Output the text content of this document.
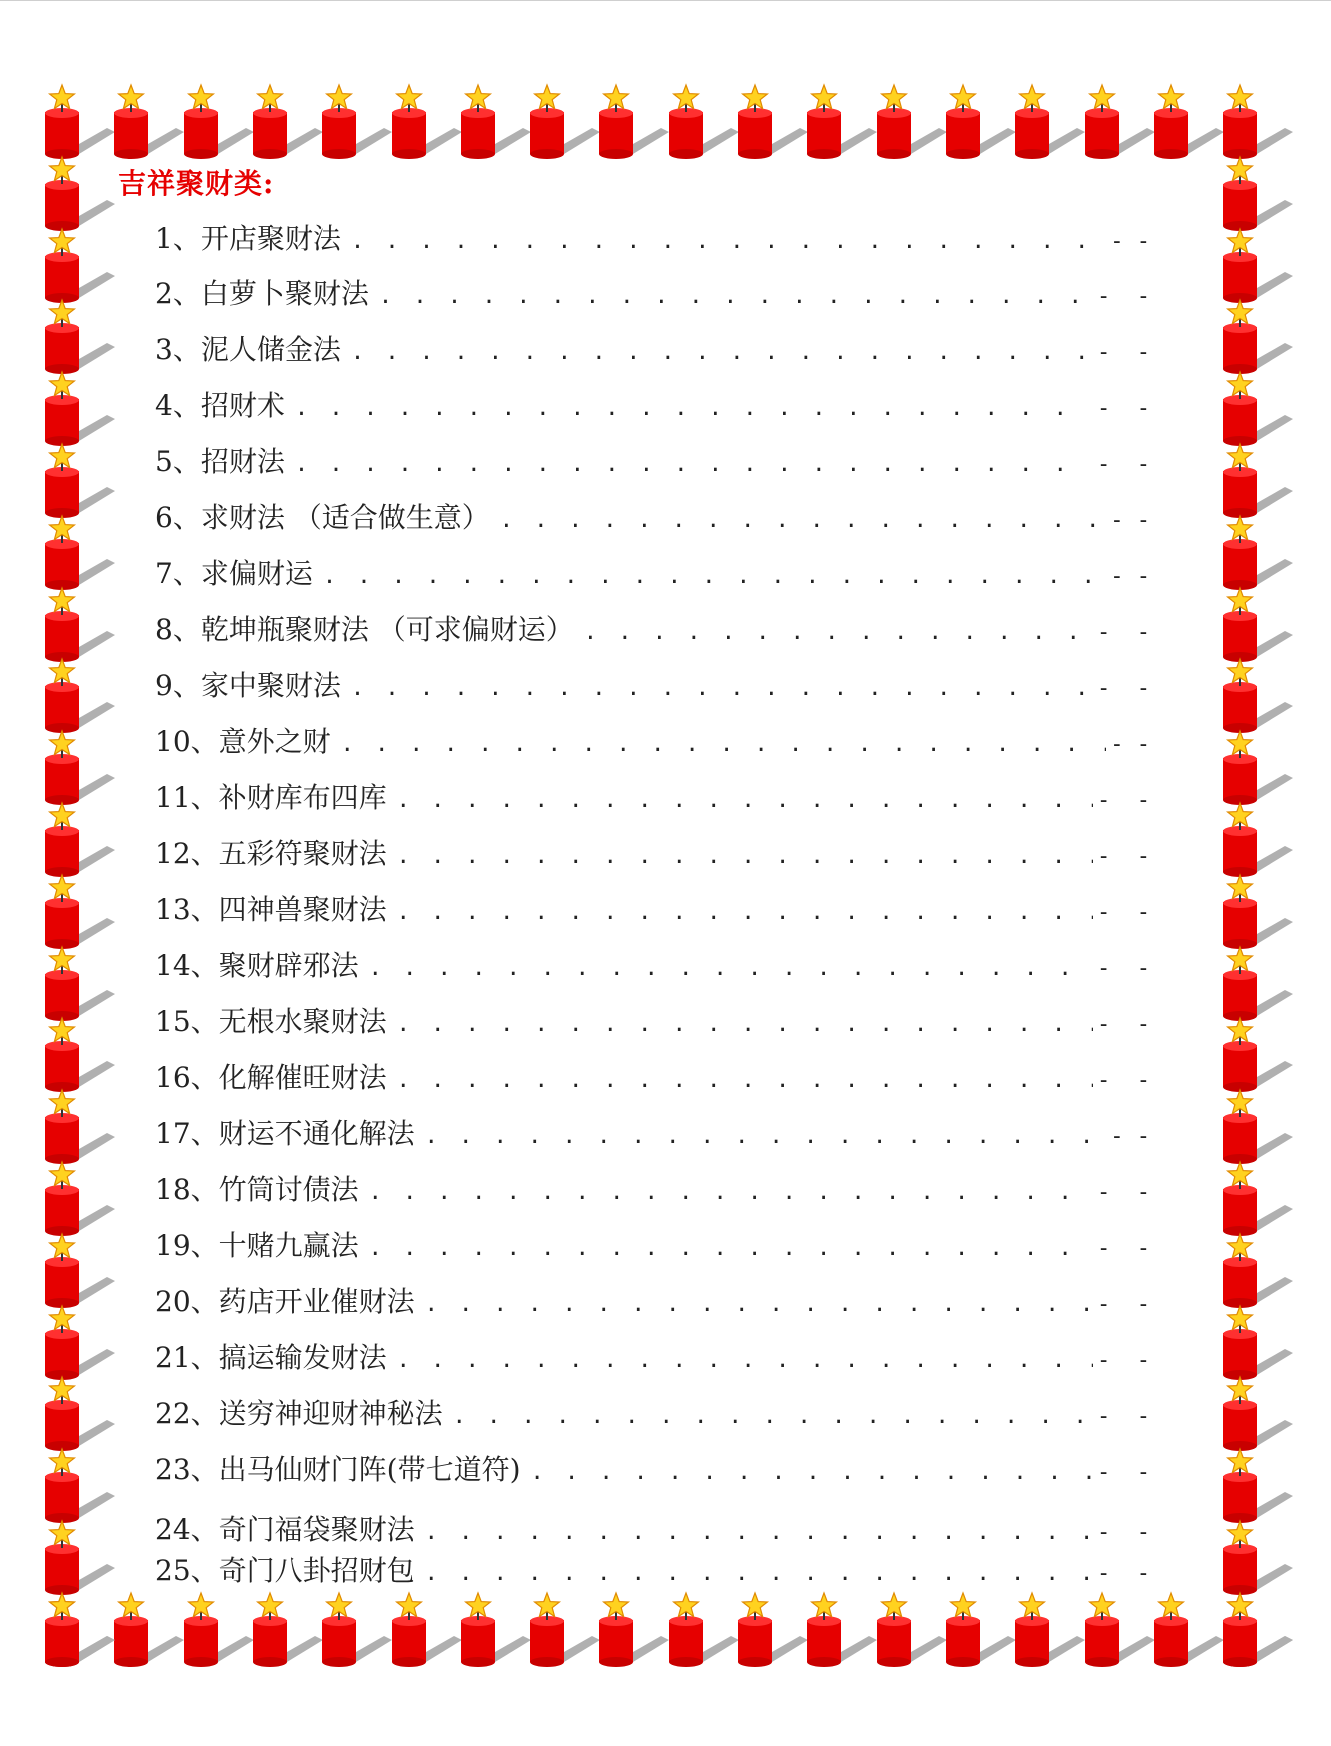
吉祥聚财类:
1、 开店聚财法 . . .	- -
2、 白萝卜聚财法 . . .	-  -
3、 泥人储金法 . . .	-  -
4、 招财术 . . .	-  -
5、 招财法 . . .	-  -
6、 求财法 （适合做生意） . . .	- -
7、 求偏财运 . . .	- -
8、 乾坤瓶聚财法 （可求偏财运） . . .	-  -
9、 家中聚财法 . . .	-  -
10、 意外之财 . . .	- -
11、 补财库布四库 . . .	-  -
12、 五彩符聚财法 . . .	-  -
13、 四神兽聚财法 . . .	-  -
14、 聚财辟邪法 . . .	-  -
15、 无根水聚财法 . . .	-  -
16、 化解催旺财法 . . .	-  -
17、 财运不通化解法 . . .	- -
18、 竹筒讨债法 . . .	-  -
19、 十赌九赢法 . . .	-  -
20、 药店开业催财法 . . .	-  -
21、 搞运输发财法 . . .	-  -
22、 送穷神迎财神秘法 . . .	-  -
23、 出马仙财门阵(带七道符) . . .	-  -
24、 奇门福袋聚财法 . . .	-  -
25、 奇门八卦招财包 . . .	-  -
